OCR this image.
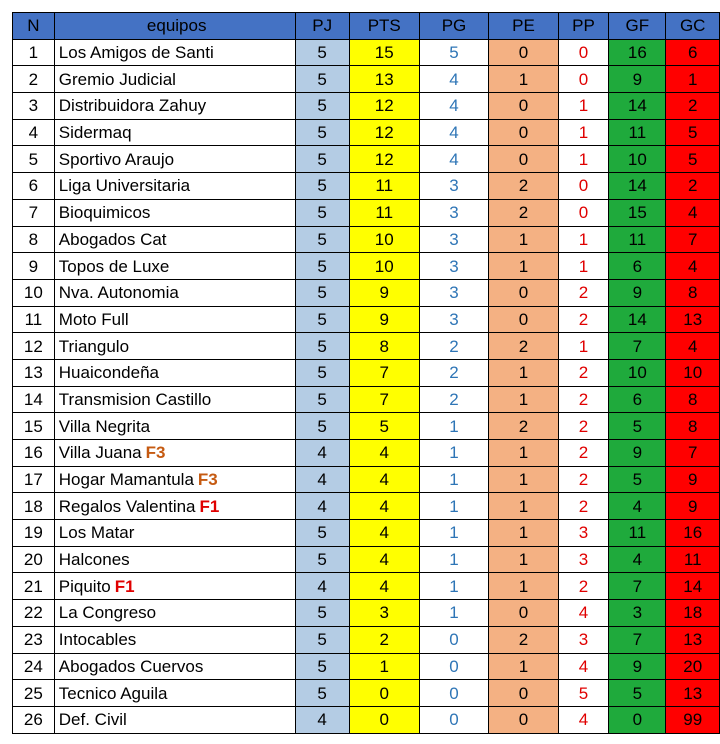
N	equipos	PJ	PTS	PG	PE	PP	GF	GC
1	Los Amigos de Santi	5	15	5	0	0	16	6
2	Gremio Judicial	5	13	4	1	0	9	1
3	Distribuidora Zahuy	5	12	4	0	1	14	2
4	Sidermaq	5	12	4	0	1	11	5
5	Sportivo Araujo	5	12	4	0	1	10	5
6	Liga Universitaria	5	11	3	2	0	14	2
7	Bioquimicos	5	11	3	2	0	15	4
8	Abogados Cat	5	10	3	1	1	11	7
9	Topos de Luxe	5	10	3	1	1	6	4
10	Nva. Autonomia	5	9	3	0	2	9	8
11	Moto Full	5	9	3	0	2	14	13
12	Triangulo	5	8	2	2	1	7	4
13	Huaicondeña	5	7	2	1	2	10	10
14	Transmision Castillo	5	7	2	1	2	6	8
15	Villa Negrita	5	5	1	2	2	5	8
16	Villa Juana F3	4	4	1	1	2	9	7
17	Hogar Mamantula F3	4	4	1	1	2	5	9
18	Regalos Valentina F1	4	4	1	1	2	4	9
19	Los Matar	5	4	1	1	3	11	16
20	Halcones	5	4	1	1	3	4	11
21	Piquito F1	4	4	1	1	2	7	14
22	La Congreso	5	3	1	0	4	3	18
23	Intocables	5	2	0	2	3	7	13
24	Abogados Cuervos	5	1	0	1	4	9	20
25	Tecnico Aguila	5	0	0	0	5	5	13
26	Def. Civil	4	0	0	0	4	0	99
